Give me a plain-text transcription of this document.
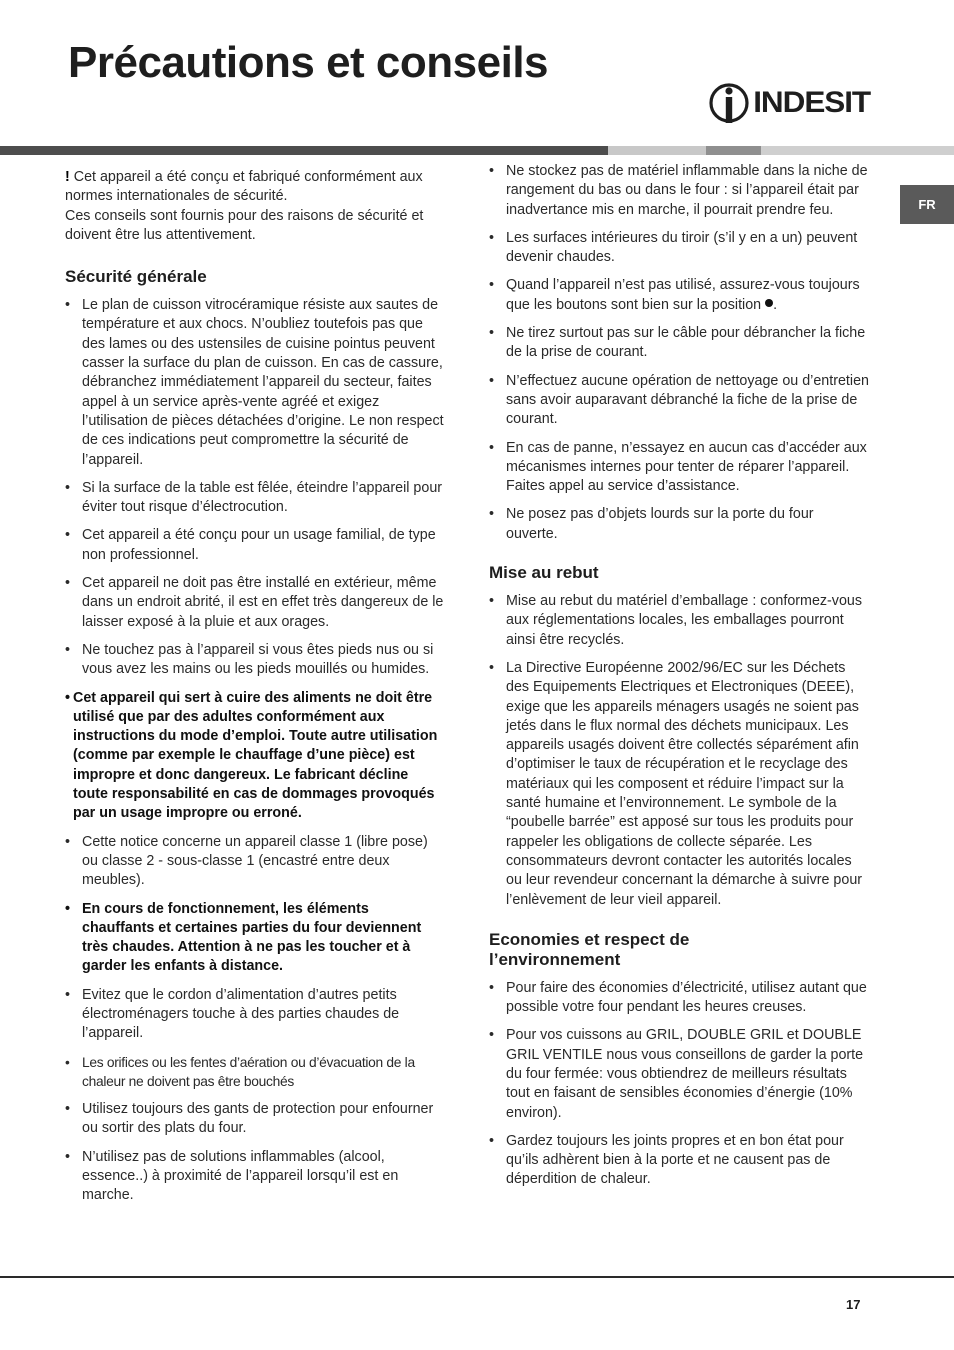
Précautions et conseils
INDESIT
FR

! Cet appareil a été conçu et fabriqué conformément aux normes internationales de sécurité.

Ces conseils sont fournis pour des raisons de sécurité et doivent être lus attentivement.

Sécurité générale
• Le plan de cuisson vitrocéramique résiste aux sautes de température et aux chocs. N’oubliez toutefois pas que des lames ou des ustensiles de cuisine pointus peuvent casser la surface du plan de cuisson. En cas de cassure, débranchez immédiatement l’appareil du secteur, faites appel à un service après-vente agréé et exigez l’utilisation de pièces détachées d’origine. Le non respect de ces indications peut compromettre la sécurité de l’appareil.
• Si la surface de la table est fêlée, éteindre l’appareil pour éviter tout risque d’électrocution.
• Cet appareil a été conçu pour un usage familial, de type non professionnel.
• Cet appareil ne doit pas être installé en extérieur, même dans un endroit abrité, il est en effet très dangereux de le laisser exposé à la pluie et aux orages.
• Ne touchez pas à l’appareil si vous êtes pieds nus ou si vous avez les mains ou les pieds mouillés ou humides.
• Cet appareil qui sert à cuire des aliments ne doit être utilisé que par des adultes conformément aux instructions du mode d’emploi. Toute autre utilisation (comme par exemple le chauffage d’une pièce) est impropre et donc dangereux. Le fabricant décline toute responsabilité en cas de dommages provoqués par un usage impropre ou erroné.
• Cette notice concerne un appareil classe 1 (libre pose) ou classe 2 - sous-classe 1 (encastré entre deux meubles).
• En cours de fonctionnement, les éléments chauffants et certaines parties du four deviennent très chaudes. Attention à ne pas les toucher et à garder les enfants à distance.
• Evitez que le cordon d’alimentation d’autres petits électroménagers touche à des parties chaudes de l’appareil.
• Les orifices ou les fentes d’aération ou d’évacuation de la chaleur ne doivent pas être bouchés
• Utilisez toujours des gants de protection pour enfourner ou sortir des plats du four.
• N’utilisez pas de solutions inflammables (alcool, essence..) à proximité de l’appareil lorsqu’il est en marche.
• Ne stockez pas de matériel inflammable dans la niche de rangement du bas ou dans le four : si l’appareil était par inadvertance mis en marche, il pourrait prendre feu.
• Les surfaces intérieures du tiroir (s’il y en a un) peuvent devenir chaudes.
• Quand l’appareil n’est pas utilisé, assurez-vous toujours que les boutons sont bien sur la position .
• Ne tirez surtout pas sur le câble pour débrancher la fiche de la prise de courant.
• N’effectuez aucune opération de nettoyage ou d’entretien sans avoir auparavant débranché la fiche de la prise de courant.
• En cas de panne, n’essayez en aucun cas d’accéder aux mécanismes internes pour tenter de réparer l’appareil. Faites appel au service d’assistance.
• Ne posez pas d’objets lourds sur la porte du four ouverte.
Mise au rebut
• Mise au rebut du matériel d’emballage : conformez-vous aux réglementations locales, les emballages pourront ainsi être recyclés.
• La Directive Européenne 2002/96/EC sur les Déchets des Equipements Electriques et Electroniques (DEEE), exige que les appareils ménagers usagés ne soient pas jetés dans le flux normal des déchets municipaux. Les appareils usagés doivent être collectés séparément afin d’optimiser le taux de récupération et le recyclage des matériaux qui les composent et réduire l’impact sur la santé humaine et l’environnement. Le symbole de la “poubelle barrée” est apposé sur tous les produits pour rappeler les obligations de collecte séparée. Les consommateurs devront contacter les autorités locales ou leur revendeur concernant la démarche à suivre pour l’enlèvement de leur vieil appareil.
Economies et respect de l’environnement
• Pour faire des économies d’électricité, utilisez autant que possible votre four pendant les heures creuses.
• Pour vos cuissons au GRIL, DOUBLE GRIL et DOUBLE GRIL VENTILE nous vous conseillons de garder la porte du four fermée: vous obtiendrez de meilleurs résultats tout en faisant de sensibles économies d’énergie (10% environ).
• Gardez toujours les joints propres et en bon état pour qu’ils adhèrent bien à la porte et ne causent pas de déperdition de chaleur.
17
